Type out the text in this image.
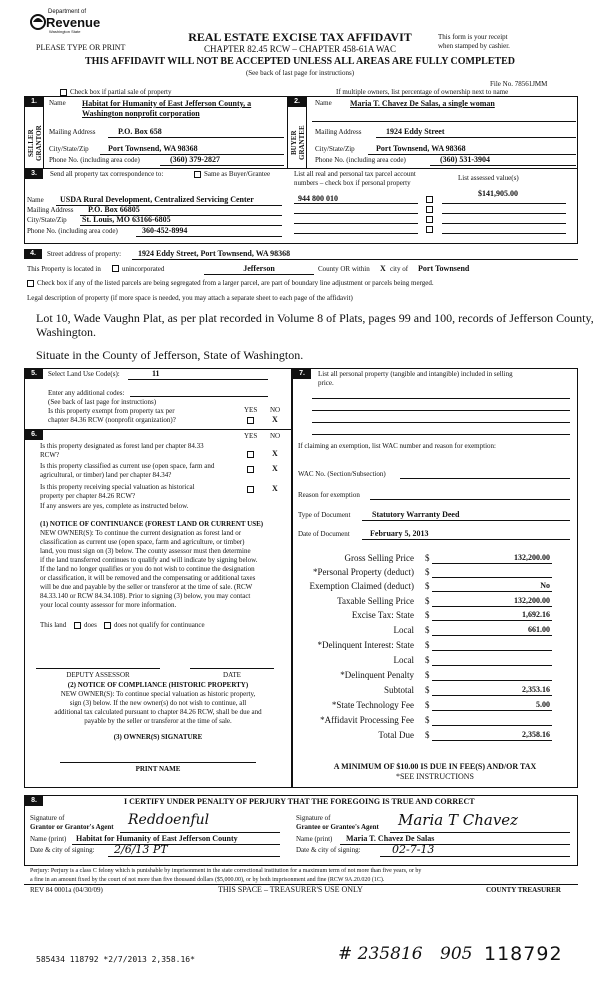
Department of
Revenue
Washington State
PLEASE TYPE OR PRINT
REAL ESTATE EXCISE TAX AFFIDAVIT
CHAPTER 82.45 RCW – CHAPTER 458-61A WAC
THIS AFFIDAVIT WILL NOT BE ACCEPTED UNLESS ALL AREAS ARE FULLY COMPLETED
(See back of last page for instructions)
This form is your receipt
when stamped by cashier.
File No. 78561JMM
Check box if partial sale of property	If multiple owners, list percentage of ownership next to name
1.
SELLER GRANTOR
Name Habitat for Humanity of East Jefferson County, a
Washington nonprofit corporation
Mailing Address	P.O. Box 658
City/State/Zip Port Townsend, WA 98368
Phone No. (including area code)	(360) 379-2827
2.
BUYER GRANTEE
Name Maria T. Chavez De Salas, a single woman
Mailing Address	1924 Eddy Street
City/State/Zip	Port Townsend, WA 98368
Phone No. (including area code)	(360) 531-3904
3.	Send all property tax correspondence to:	Same as Buyer/Grantee	List all real and personal tax parcel account
numbers – check box if personal property
List assessed value(s)
Name USDA Rural Development, Centralized Servicing Center
Mailing Address P.O. Box 66805
City/State/Zip St. Louis, MO 63166-6805
Phone No. (including area code)	360-452-8994
944 800 010
$141,905.00
4.	Street address of property: 1924 Eddy Street, Port Townsend, WA 98368
This Property is located in	unincorporated	Jefferson	County OR within X city of Port Townsend
Check box if any of the listed parcels are being segregated from a larger parcel, are part of boundary line adjustment or parcels being merged.
Legal description of property (if more space is needed, you may attach a separate sheet to each page of the affidavit)
Lot 10, Wade Vaughn Plat, as per plat recorded in Volume 8 of Plats, pages 99 and 100, records of Jefferson County,
Washington.
Situate in the County of Jefferson, State of Washington.
5.	Select Land Use Code(s):	11
Enter any additional codes:
(See back of last page for instructions)
YES NO
Is this property exempt from property tax per
chapter 84.36 RCW (nonprofit organization)?	X
6.	YES NO
Is this property designated as forest land per chapter 84.33
RCW?	X
Is this property classified as current use (open space, farm and
agricultural, or timber) land per chapter 84.34?
X
Is this property receiving special valuation as historical
property per chapter 84.26 RCW?
X
If any answers are yes, complete as instructed below.
(1) NOTICE OF CONTINUANCE (FOREST LAND OR CURRENT USE)
NEW OWNER(S): To continue the current designation as forest land or
classification as current use (open space, farm and agriculture, or timber)
land, you must sign on (3) below. The county assessor must then determine
if the land transferred continues to qualify and will indicate by signing below.
If the land no longer qualifies or you do not wish to continue the designation
or classification, it will be removed and the compensating or additional taxes
will be due and payable by the seller or transferor at the time of sale. (RCW
84.33.140 or RCW 84.34.108). Prior to signing (3) below, you may contact
your local county assessor for more information.
This land	does does not qualify for continuance
DEPUTY ASSESSOR	DATE
(2) NOTICE OF COMPLIANCE (HISTORIC PROPERTY)
NEW OWNER(S): To continue special valuation as historic property,
sign (3) below. If the new owner(s) do not wish to continue, all
additional tax calculated pursuant to chapter 84.26 RCW, shall be due and
payable by the seller or transferor at the time of sale.
(3) OWNER(S) SIGNATURE
PRINT NAME
7.	List all personal property (tangible and intangible) included in selling
price.
If claiming an exemption, list WAC number and reason for exemption:
WAC No. (Section/Subsection)
Reason for exemption
Type of Document	Statutory Warranty Deed
Date of Document	February 5, 2013
Gross Selling Price $	132,200.00
*Personal Property (deduct) $
Exemption Claimed (deduct) $	No
Taxable Selling Price $	132,200.00
Excise Tax: State $	1,692.16
Local $	661.00
*Delinquent Interest: State $
Local $
*Delinquent Penalty $
Subtotal $	2,353.16
*State Technology Fee $	5.00
*Affidavit Processing Fee $
Total Due $	2,358.16
A MINIMUM OF $10.00 IS DUE IN FEE(S) AND/OR TAX
*SEE INSTRUCTIONS
8.	I CERTIFY UNDER PENALTY OF PERJURY THAT THE FOREGOING IS TRUE AND CORRECT
Signature of
Grantor or Grantor's Agent Reddoenful
Name (print) Habitat for Humanity of East Jefferson County
Date & city of signing: 2/6/13 PT
Signature of
Grantee or Grantee's Agent Maria T Chavez
Name (print) Maria T. Chavez De Salas
Date & city of signing:	02-7-13
Perjury: Perjury is a class C felony which is punishable by imprisonment in the state correctional institution for a maximum term of not more than five years, or by
a fine in an amount fixed by the court of not more than five thousand dollars ($5,000.00), or by both imprisonment and fine (RCW 9A.20.020 (1C).
REV 84 0001a (04/30/09)	THIS SPACE – TREASURER'S USE ONLY	COUNTY TREASURER
585434 118792 *2/7/2013 2,358.16*	# 235816 905 118792
